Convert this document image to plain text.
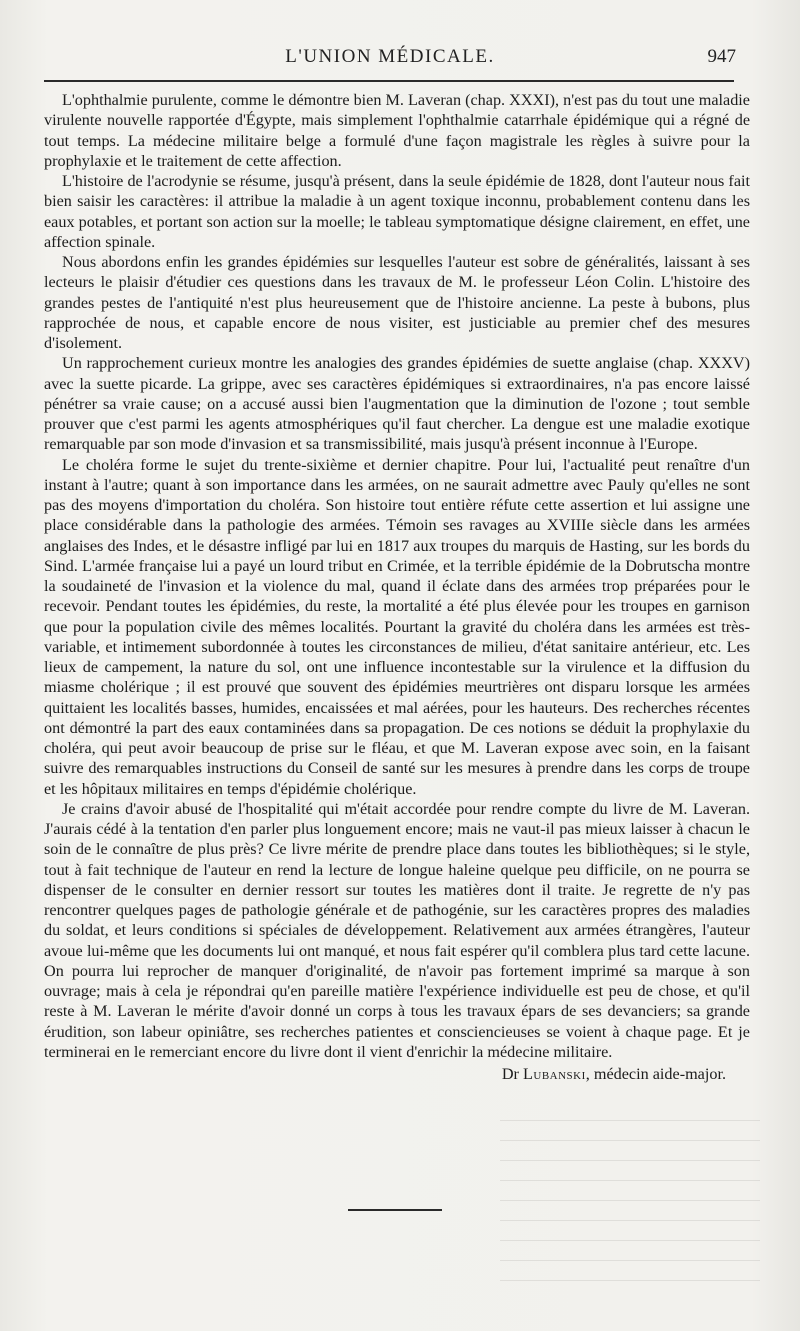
L'UNION MÉDICALE.	947

L'ophthalmie purulente, comme le démontre bien M. Laveran (chap. XXXI), n'est pas du tout une maladie virulente nouvelle rapportée d'Égypte, mais simplement l'ophthalmie catarrhale épidémique qui a régné de tout temps. La médecine militaire belge a formulé d'une façon magistrale les règles à suivre pour la prophylaxie et le traitement de cette affection.

L'histoire de l'acrodynie se résume, jusqu'à présent, dans la seule épidémie de 1828, dont l'auteur nous fait bien saisir les caractères: il attribue la maladie à un agent toxique inconnu, probablement contenu dans les eaux potables, et portant son action sur la moelle; le tableau symptomatique désigne clairement, en effet, une affection spinale.

Nous abordons enfin les grandes épidémies sur lesquelles l'auteur est sobre de généralités, laissant à ses lecteurs le plaisir d'étudier ces questions dans les travaux de M. le professeur Léon Colin. L'histoire des grandes pestes de l'antiquité n'est plus heureusement que de l'histoire ancienne. La peste à bubons, plus rapprochée de nous, et capable encore de nous visiter, est justiciable au premier chef des mesures d'isolement.

Un rapprochement curieux montre les analogies des grandes épidémies de suette anglaise (chap. XXXV) avec la suette picarde. La grippe, avec ses caractères épidémiques si extraordinaires, n'a pas encore laissé pénétrer sa vraie cause; on a accusé aussi bien l'augmentation que la diminution de l'ozone ; tout semble prouver que c'est parmi les agents atmosphériques qu'il faut chercher. La dengue est une maladie exotique remarquable par son mode d'invasion et sa transmissibilité, mais jusqu'à présent inconnue à l'Europe.

Le choléra forme le sujet du trente-sixième et dernier chapitre. Pour lui, l'actualité peut renaître d'un instant à l'autre; quant à son importance dans les armées, on ne saurait admettre avec Pauly qu'elles ne sont pas des moyens d'importation du choléra. Son histoire tout entière réfute cette assertion et lui assigne une place considérable dans la pathologie des armées. Témoin ses ravages au XVIIIe siècle dans les armées anglaises des Indes, et le désastre infligé par lui en 1817 aux troupes du marquis de Hasting, sur les bords du Sind. L'armée française lui a payé un lourd tribut en Crimée, et la terrible épidémie de la Dobrutscha montre la soudaineté de l'invasion et la violence du mal, quand il éclate dans des armées trop préparées pour le recevoir. Pendant toutes les épidémies, du reste, la mortalité a été plus élevée pour les troupes en garnison que pour la population civile des mêmes localités. Pourtant la gravité du choléra dans les armées est très-variable, et intimement subordonnée à toutes les circonstances de milieu, d'état sanitaire antérieur, etc. Les lieux de campement, la nature du sol, ont une influence incontestable sur la virulence et la diffusion du miasme cholérique ; il est prouvé que souvent des épidémies meurtrières ont disparu lorsque les armées quittaient les localités basses, humides, encaissées et mal aérées, pour les hauteurs. Des recherches récentes ont démontré la part des eaux contaminées dans sa propagation. De ces notions se déduit la prophylaxie du choléra, qui peut avoir beaucoup de prise sur le fléau, et que M. Laveran expose avec soin, en la faisant suivre des remarquables instructions du Conseil de santé sur les mesures à prendre dans les corps de troupe et les hôpitaux militaires en temps d'épidémie cholérique.

Je crains d'avoir abusé de l'hospitalité qui m'était accordée pour rendre compte du livre de M. Laveran. J'aurais cédé à la tentation d'en parler plus longuement encore; mais ne vaut-il pas mieux laisser à chacun le soin de le connaître de plus près? Ce livre mérite de prendre place dans toutes les bibliothèques; si le style, tout à fait technique de l'auteur en rend la lecture de longue haleine quelque peu difficile, on ne pourra se dispenser de le consulter en dernier ressort sur toutes les matières dont il traite. Je regrette de n'y pas rencontrer quelques pages de pathologie générale et de pathogénie, sur les caractères propres des maladies du soldat, et leurs conditions si spéciales de développement. Relativement aux armées étrangères, l'auteur avoue lui-même que les documents lui ont manqué, et nous fait espérer qu'il comblera plus tard cette lacune. On pourra lui reprocher de manquer d'originalité, de n'avoir pas fortement imprimé sa marque à son ouvrage; mais à cela je répondrai qu'en pareille matière l'expérience individuelle est peu de chose, et qu'il reste à M. Laveran le mérite d'avoir donné un corps à tous les travaux épars de ses devanciers; sa grande érudition, son labeur opiniâtre, ses recherches patientes et consciencieuses se voient à chaque page. Et je terminerai en le remerciant encore du livre dont il vient d'enrichir la médecine militaire.

Dr Lubanski, médecin aide-major.
